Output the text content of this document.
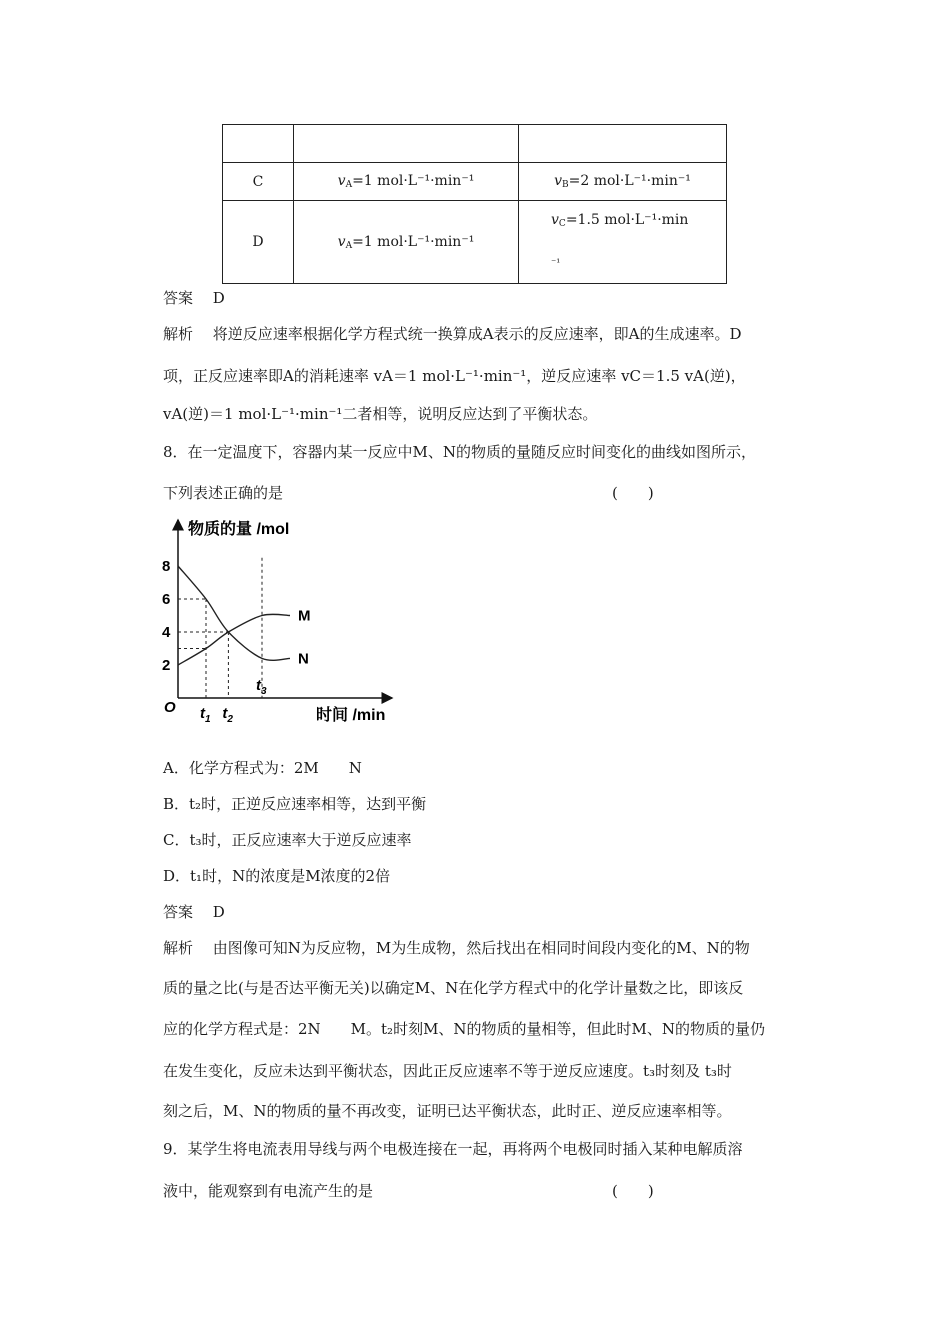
C	$v_A=1$ mol·L⁻¹·min⁻¹	$v_B=2$ mol·L⁻¹·min⁻¹
D	$v_A=1$ mol·L⁻¹·min⁻¹	$v_C=1.5$ mol·L⁻¹·min
⁻¹
答案　 D
解析　 将逆反应速率根据化学方程式统一换算成A表示的反应速率，即A的生成速率。D
项，正反应速率即A的消耗速率 vA＝1 mol·L⁻¹·min⁻¹，逆反应速率 vC＝1.5 vA(逆)，
vA(逆)＝1 mol·L⁻¹·min⁻¹二者相等，说明反应达到了平衡状态。
8．在一定温度下，容器内某一反应中M、N的物质的量随反应时间变化的曲线如图所示，
下列表述正确的是	(　　)
物质的量 /mol
时间 /min
O
2
4
6
8
$t_1$ $t_2$
$t_3$
M
N
A．化学方程式为：2M　　N
B．t₂时，正逆反应速率相等，达到平衡
C．t₃时，正反应速率大于逆反应速率
D．t₁时，N的浓度是M浓度的2倍
答案　 D
解析　 由图像可知N为反应物，M为生成物，然后找出在相同时间段内变化的M、N的物
质的量之比(与是否达平衡无关)以确定M、N在化学方程式中的化学计量数之比，即该反
应的化学方程式是：2N　　M。t₂时刻M、N的物质的量相等，但此时M、N的物质的量仍
在发生变化，反应未达到平衡状态，因此正反应速率不等于逆反应速度。t₃时刻及 t₃时
刻之后，M、N的物质的量不再改变，证明已达平衡状态，此时正、逆反应速率相等。
9．某学生将电流表用导线与两个电极连接在一起，再将两个电极同时插入某种电解质溶
液中，能观察到有电流产生的是	(　　)
